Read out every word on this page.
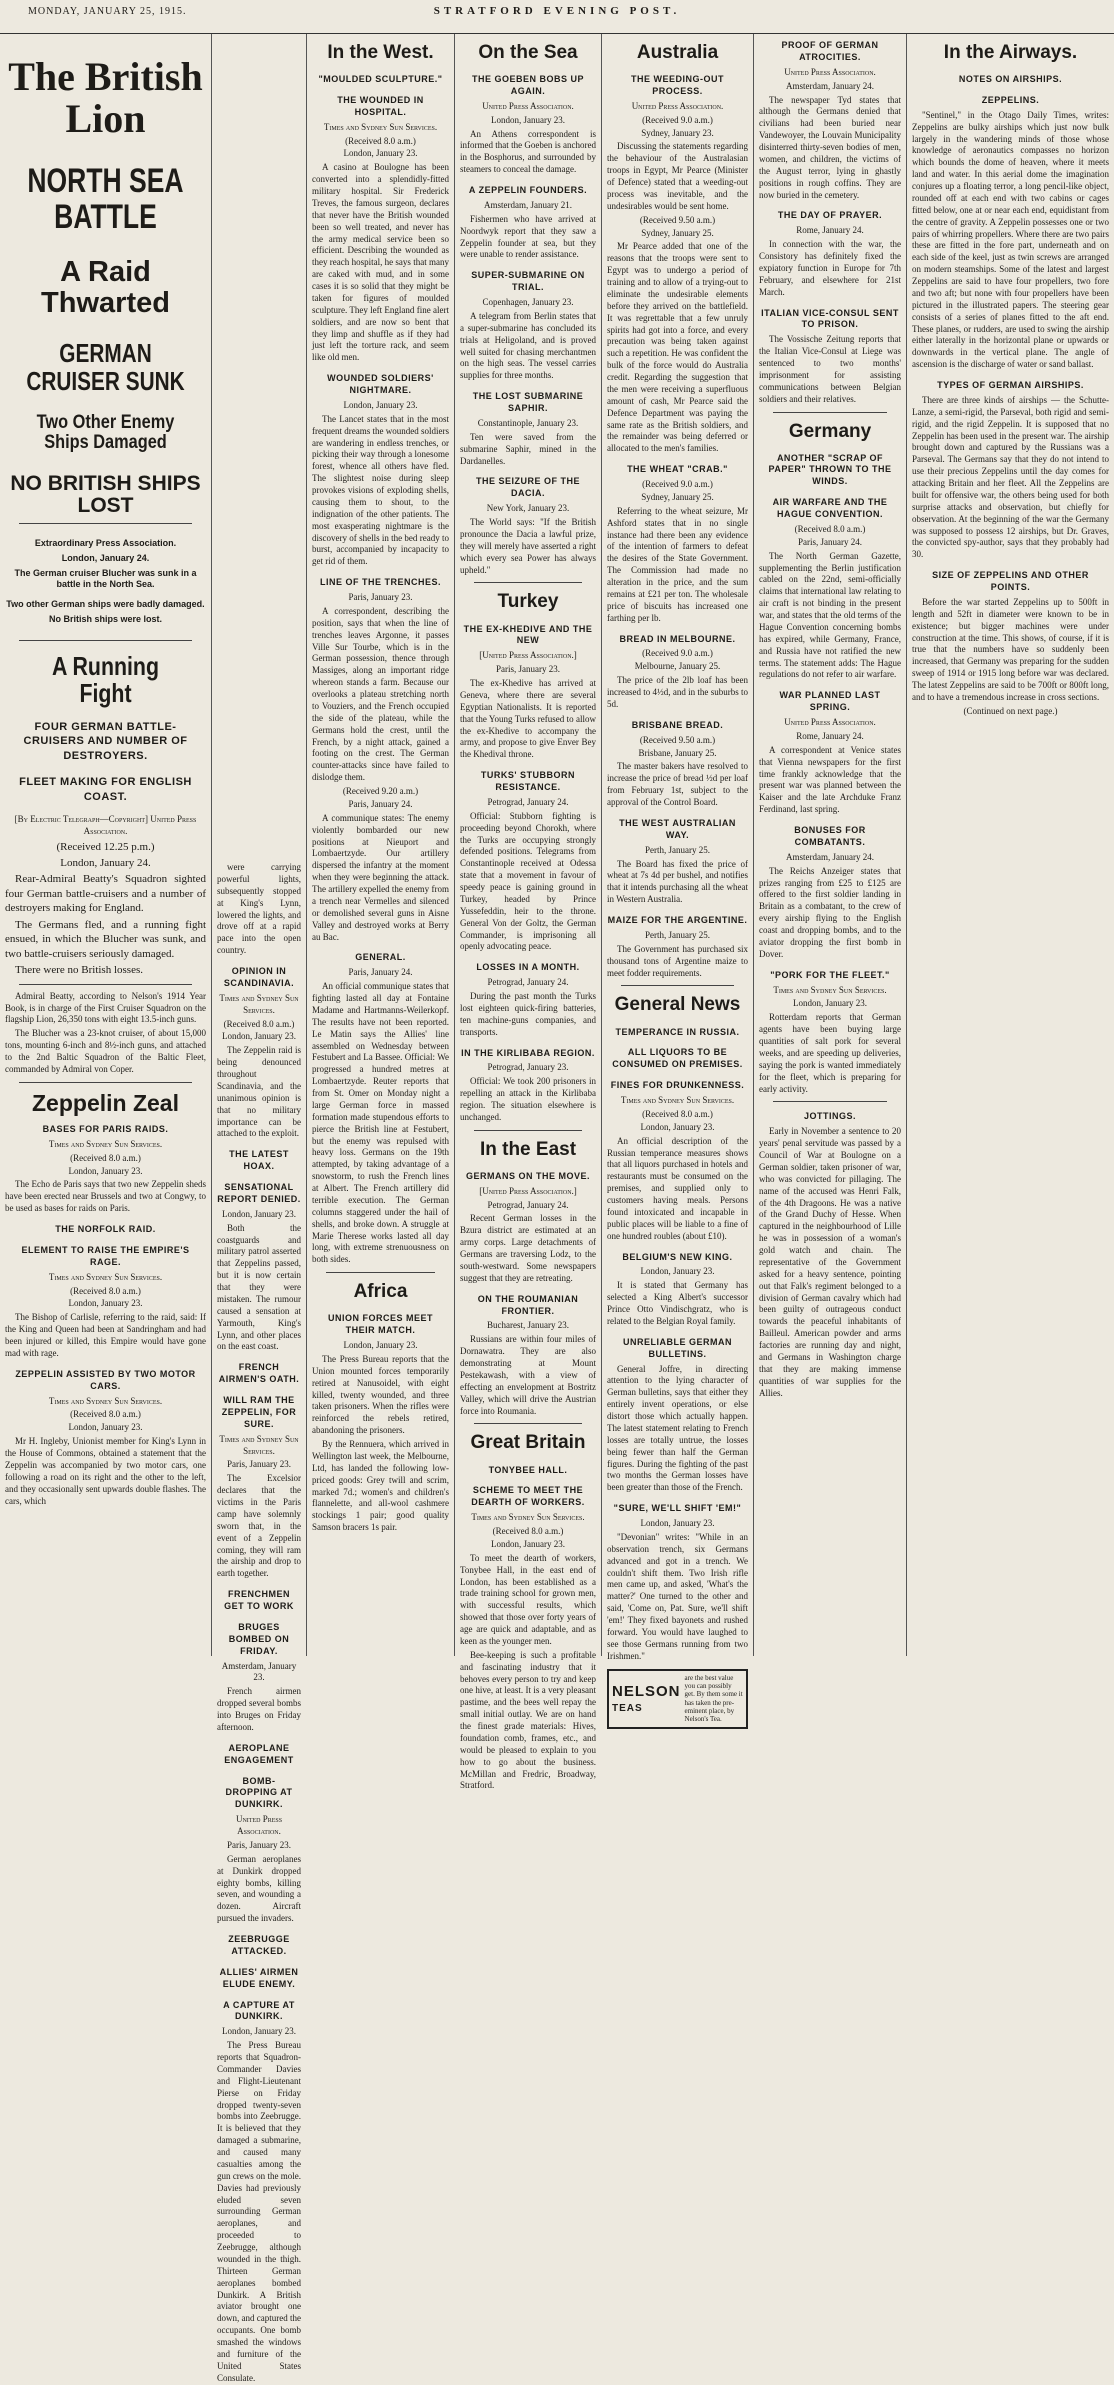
MONDAY, JANUARY 25, 1915.	STRATFORD EVENING POST.
The British Lion
NORTH SEA BATTLE
A Raid Thwarted
GERMAN CRUISER SUNK
Two Other Enemy Ships Damaged
NO BRITISH SHIPS LOST
Extraordinary Press Association.
London, January 24.
The German cruiser Blucher was sunk in a battle in the North Sea.
Two other German ships were badly damaged.
No British ships were lost.
A Running Fight
FOUR GERMAN BATTLE-CRUISERS AND NUMBER OF DESTROYERS.
FLEET MAKING FOR ENGLISH COAST.
[By Electric Telegraph—Copyright] United Press Association.
(Received 12.25 p.m.)
London, January 24.
Rear-Admiral Beatty's Squadron sighted four German battle-cruisers and a number of destroyers making for England.
The Germans fled, and a running fight ensued, in which the Blucher was sunk, and two battle-cruisers seriously damaged.
There were no British losses.
Admiral Beatty, according to Nelson's 1914 Year Book, is in charge of the First Cruiser Squadron on the flagship Lion, 26,350 tons with eight 13.5-inch guns.
The Blucher was a 23-knot cruiser, of about 15,000 tons, mounting 6-inch and 8½-inch guns, and attached to the 2nd Baltic Squadron of the Baltic Fleet, commanded by Admiral von Coper.
Zeppelin Zeal
BASES FOR PARIS RAIDS.
Times and Sydney Sun Services.
(Received 8.0 a.m.)
London, January 23.
The Echo de Paris says that two new Zeppelin sheds have been erected near Brussels and two at Congwy, to be used as bases for raids on Paris.
THE NORFOLK RAID.
ELEMENT TO RAISE THE EMPIRE'S RAGE.
Times and Sydney Sun Services.
(Received 8.0 a.m.)
London, January 23.
The Bishop of Carlisle, referring to the raid, said: If the King and Queen had been at Sandringham and had been injured or killed, this Empire would have gone mad with rage.
ZEPPELIN ASSISTED BY TWO MOTOR CARS.
Times and Sydney Sun Services.
(Received 8.0 a.m.)
London, January 23.
Mr H. Ingleby, Unionist member for King's Lynn in the House of Commons, obtained a statement that the Zeppelin was accompanied by two motor cars, one following a road on its right and the other to the left, and they occasionally sent upwards double flashes. The cars, which
were carrying powerful lights, subsequently stopped at King's Lynn, lowered the lights, and drove off at a rapid pace into the open country.
OPINION IN SCANDINAVIA.
Times and Sydney Sun Services.
(Received 8.0 a.m.)
London, January 23.
The Zeppelin raid is being denounced throughout Scandinavia, and the unanimous opinion is that no military importance can be attached to the exploit.
THE LATEST HOAX.
SENSATIONAL REPORT DENIED.
London, January 23.
Both the coastguards and military patrol asserted that Zeppelins passed, but it is now certain that they were mistaken. The rumour caused a sensation at Yarmouth, King's Lynn, and other places on the east coast.
FRENCH AIRMEN'S OATH.
WILL RAM THE ZEPPELIN, FOR SURE.
Times and Sydney Sun Services.
Paris, January 23.
The Excelsior declares that the victims in the Paris camp have solemnly sworn that, in the event of a Zeppelin coming, they will ram the airship and drop to earth together.
FRENCHMEN GET TO WORK
BRUGES BOMBED ON FRIDAY.
Amsterdam, January 23.
French airmen dropped several bombs into Bruges on Friday afternoon.
AEROPLANE ENGAGEMENT
BOMB-DROPPING AT DUNKIRK.
United Press Association.
Paris, January 23.
German aeroplanes at Dunkirk dropped eighty bombs, killing seven, and wounding a dozen. Aircraft pursued the invaders.
ZEEBRUGGE ATTACKED.
ALLIES' AIRMEN ELUDE ENEMY.
A CAPTURE AT DUNKIRK.
London, January 23.
The Press Bureau reports that Squadron-Commander Davies and Flight-Lieutenant Pierse on Friday dropped twenty-seven bombs into Zeebrugge. It is believed that they damaged a submarine, and caused many casualties among the gun crews on the mole. Davies had previously eluded seven surrounding German aeroplanes, and proceeded to Zeebrugge, although wounded in the thigh. Thirteen German aeroplanes bombed Dunkirk. A British aviator brought one down, and captured the occupants. One bomb smashed the windows and furniture of the United States Consulate.
In the West.
"MOULDED SCULPTURE."
THE WOUNDED IN HOSPITAL.
Times and Sydney Sun Services.
(Received 8.0 a.m.)
London, January 23.
A casino at Boulogne has been converted into a splendidly-fitted military hospital. Sir Frederick Treves, the famous surgeon, declares that never have the British wounded been so well treated, and never has the army medical service been so efficient. Describing the wounded as they reach hospital, he says that many are caked with mud, and in some cases it is so solid that they might be taken for figures of moulded sculpture. They left England fine alert soldiers, and are now so bent that they limp and shuffle as if they had just left the torture rack, and seem like old men.
WOUNDED SOLDIERS' NIGHTMARE.
London, January 23.
The Lancet states that in the most frequent dreams the wounded soldiers are wandering in endless trenches, or picking their way through a lonesome forest, whence all others have fled. The slightest noise during sleep provokes visions of exploding shells, causing them to shout, to the indignation of the other patients. The most exasperating nightmare is the discovery of shells in the bed ready to burst, accompanied by incapacity to get rid of them.
LINE OF THE TRENCHES.
Paris, January 23.
A correspondent, describing the position, says that when the line of trenches leaves Argonne, it passes Ville Sur Tourbe, which is in the German possession, thence through Massiges, along an important ridge whereon stands a farm. Because our overlooks a plateau stretching north to Vouziers, and the French occupied the side of the plateau, while the Germans hold the crest, until the French, by a night attack, gained a footing on the crest. The German counter-attacks since have failed to dislodge them.
(Received 9.20 a.m.)
Paris, January 24.
A communique states: The enemy violently bombarded our new positions at Nieuport and Lombaertzyde. Our artillery dispersed the infantry at the moment when they were beginning the attack. The artillery expelled the enemy from a trench near Vermelles and silenced or demolished several guns in Aisne Valley and destroyed works at Berry au Bac.
GENERAL.
Paris, January 24.
An official communique states that fighting lasted all day at Fontaine Madame and Hartmanns-Weilerkopf. The results have not been reported. Le Matin says the Allies' line assembled on Wednesday between Festubert and La Bassee. Official: We progressed a hundred metres at Lombaertzyde. Reuter reports that from St. Omer on Monday night a large German force in massed formation made stupendous efforts to pierce the British line at Festubert, but the enemy was repulsed with heavy loss. Germans on the 19th attempted, by taking advantage of a snowstorm, to rush the French lines at Albert. The French artillery did terrible execution. The German columns staggered under the hail of shells, and broke down. A struggle at Marie Therese works lasted all day long, with extreme strenuousness on both sides.
Africa
UNION FORCES MEET THEIR MATCH.
London, January 23.
The Press Bureau reports that the Union mounted forces temporarily retired at Nanusoidel, with eight killed, twenty wounded, and three taken prisoners. When the rifles were reinforced the rebels retired, abandoning the prisoners.
By the Rennuera, which arrived in Wellington last week, the Melbourne, Ltd, has landed the following low-priced goods: Grey twill and scrim, marked 7d.; women's and children's flannelette, and all-wool cashmere stockings 1 pair; good quality Samson bracers 1s pair.
On the Sea
THE GOEBEN BOBS UP AGAIN.
United Press Association.
London, January 23.
An Athens correspondent is informed that the Goeben is anchored in the Bosphorus, and surrounded by steamers to conceal the damage.
A ZEPPELIN FOUNDERS.
Amsterdam, January 21.
Fishermen who have arrived at Noordwyk report that they saw a Zeppelin founder at sea, but they were unable to render assistance.
SUPER-SUBMARINE ON TRIAL.
Copenhagen, January 23.
A telegram from Berlin states that a super-submarine has concluded its trials at Heligoland, and is proved well suited for chasing merchantmen on the high seas. The vessel carries supplies for three months.
THE LOST SUBMARINE SAPHIR.
Constantinople, January 23.
Ten were saved from the submarine Saphir, mined in the Dardanelles.
THE SEIZURE OF THE DACIA.
New York, January 23.
The World says: "If the British pronounce the Dacia a lawful prize, they will merely have asserted a right which every sea Power has always upheld."
Turkey
THE EX-KHEDIVE AND THE NEW
[United Press Association.]
Paris, January 23.
The ex-Khedive has arrived at Geneva, where there are several Egyptian Nationalists. It is reported that the Young Turks refused to allow the ex-Khedive to accompany the army, and propose to give Enver Bey the Khedival throne.
TURKS' STUBBORN RESISTANCE.
Petrograd, January 24.
Official: Stubborn fighting is proceeding beyond Chorokh, where the Turks are occupying strongly defended positions. Telegrams from Constantinople received at Odessa state that a movement in favour of speedy peace is gaining ground in Turkey, headed by Prince Yussefeddin, heir to the throne. General Von der Goltz, the German Commander, is imprisoning all openly advocating peace.
LOSSES IN A MONTH.
Petrograd, January 24.
During the past month the Turks lost eighteen quick-firing batteries, ten machine-guns companies, and transports.
IN THE KIRLIBABA REGION.
Petrograd, January 23.
Official: We took 200 prisoners in repelling an attack in the Kirlibaba region. The situation elsewhere is unchanged.
In the East
GERMANS ON THE MOVE.
[United Press Association.]
Petrograd, January 24.
Recent German losses in the Bzura district are estimated at an army corps. Large detachments of Germans are traversing Lodz, to the south-westward. Some newspapers suggest that they are retreating.
ON THE ROUMANIAN FRONTIER.
Bucharest, January 23.
Russians are within four miles of Dornawatra. They are also demonstrating at Mount Pestekawash, with a view of effecting an envelopment at Bostritz Valley, which will drive the Austrian force into Roumania.
Great Britain
TONYBEE HALL.
SCHEME TO MEET THE DEARTH OF WORKERS.
Times and Sydney Sun Services.
(Received 8.0 a.m.)
London, January 23.
To meet the dearth of workers, Tonybee Hall, in the east end of London, has been established as a trade training school for grown men, with successful results, which showed that those over forty years of age are quick and adaptable, and as keen as the younger men.
Bee-keeping is such a profitable and fascinating industry that it behoves every person to try and keep one hive, at least. It is a very pleasant pastime, and the bees well repay the small initial outlay. We are on hand the finest grade materials: Hives, foundation comb, frames, etc., and would be pleased to explain to you how to go about the business. McMillan and Fredric, Broadway, Stratford.
Australia
THE WEEDING-OUT PROCESS.
United Press Association.
(Received 9.0 a.m.)
Sydney, January 23.
Discussing the statements regarding the behaviour of the Australasian troops in Egypt, Mr Pearce (Minister of Defence) stated that a weeding-out process was inevitable, and the undesirables would be sent home.
(Received 9.50 a.m.)
Sydney, January 25.
Mr Pearce added that one of the reasons that the troops were sent to Egypt was to undergo a period of training and to allow of a trying-out to eliminate the undesirable elements before they arrived on the battlefield. It was regrettable that a few unruly spirits had got into a force, and every precaution was being taken against such a repetition. He was confident the bulk of the force would do Australia credit. Regarding the suggestion that the men were receiving a superfluous amount of cash, Mr Pearce said the Defence Department was paying the same rate as the British soldiers, and the remainder was being deferred or allocated to the men's families.
THE WHEAT "CRAB."
(Received 9.0 a.m.)
Sydney, January 25.
Referring to the wheat seizure, Mr Ashford states that in no single instance had there been any evidence of the intention of farmers to defeat the desires of the State Government. The Commission had made no alteration in the price, and the sum remains at £21 per ton. The wholesale price of biscuits has increased one farthing per lb.
BREAD IN MELBOURNE.
(Received 9.0 a.m.)
Melbourne, January 25.
The price of the 2lb loaf has been increased to 4½d, and in the suburbs to 5d.
BRISBANE BREAD.
(Received 9.50 a.m.)
Brisbane, January 25.
The master bakers have resolved to increase the price of bread ½d per loaf from February 1st, subject to the approval of the Control Board.
THE WEST AUSTRALIAN WAY.
Perth, January 25.
The Board has fixed the price of wheat at 7s 4d per bushel, and notifies that it intends purchasing all the wheat in Western Australia.
MAIZE FOR THE ARGENTINE.
Perth, January 25.
The Government has purchased six thousand tons of Argentine maize to meet fodder requirements.
General News
TEMPERANCE IN RUSSIA.
ALL LIQUORS TO BE CONSUMED ON PREMISES.
FINES FOR DRUNKENNESS.
Times and Sydney Sun Services.
(Received 8.0 a.m.)
London, January 23.
An official description of the Russian temperance measures shows that all liquors purchased in hotels and restaurants must be consumed on the premises, and supplied only to customers having meals. Persons found intoxicated and incapable in public places will be liable to a fine of one hundred roubles (about £10).
BELGIUM'S NEW KING.
London, January 23.
It is stated that Germany has selected a King Albert's successor Prince Otto Vindischgratz, who is related to the Belgian Royal family.
UNRELIABLE GERMAN BULLETINS.
General Joffre, in directing attention to the lying character of German bulletins, says that either they entirely invent operations, or else distort those which actually happen. The latest statement relating to French losses are totally untrue, the losses being fewer than half the German figures. During the fighting of the past two months the German losses have been greater than those of the French.
"SURE, WE'LL SHIFT 'EM!"
London, January 23.
"Devonian" writes: "While in an observation trench, six Germans advanced and got in a trench. We couldn't shift them. Two Irish rifle men came up, and asked, 'What's the matter?' One turned to the other and said, 'Come on, Pat. Sure, we'll shift 'em!' They fixed bayonets and rushed forward. You would have laughed to see those Germans running from two Irishmen."
NELSON
TEAS
are the best value you can possibly get. By them some it has taken the pre-eminent place, by Nelson's Tea.
PROOF OF GERMAN ATROCITIES.
United Press Association.
Amsterdam, January 24.
The newspaper Tyd states that although the Germans denied that civilians had been buried near Vandewoyer, the Louvain Municipality disinterred thirty-seven bodies of men, women, and children, the victims of the August terror, lying in ghastly positions in rough coffins. They are now buried in the cemetery.
THE DAY OF PRAYER.
Rome, January 24.
In connection with the war, the Consistory has definitely fixed the expiatory function in Europe for 7th February, and elsewhere for 21st March.
ITALIAN VICE-CONSUL SENT TO PRISON.
The Vossische Zeitung reports that the Italian Vice-Consul at Liege was sentenced to two months' imprisonment for assisting communications between Belgian soldiers and their relatives.
Germany
ANOTHER "SCRAP OF PAPER" THROWN TO THE WINDS.
AIR WARFARE AND THE HAGUE CONVENTION.
(Received 8.0 a.m.)
Paris, January 24.
The North German Gazette, supplementing the Berlin justification cabled on the 22nd, semi-officially claims that international law relating to air craft is not binding in the present war, and states that the old terms of the Hague Convention concerning bombs has expired, while Germany, France, and Russia have not ratified the new terms. The statement adds: The Hague regulations do not refer to air warfare.
WAR PLANNED LAST SPRING.
United Press Association.
Rome, January 24.
A correspondent at Venice states that Vienna newspapers for the first time frankly acknowledge that the present war was planned between the Kaiser and the late Archduke Franz Ferdinand, last spring.
BONUSES FOR COMBATANTS.
Amsterdam, January 24.
The Reichs Anzeiger states that prizes ranging from £25 to £125 are offered to the first soldier landing in Britain as a combatant, to the crew of every airship flying to the English coast and dropping bombs, and to the aviator dropping the first bomb in Dover.
"PORK FOR THE FLEET."
Times and Sydney Sun Services.
London, January 23.
Rotterdam reports that German agents have been buying large quantities of salt pork for several weeks, and are speeding up deliveries, saying the pork is wanted immediately for the fleet, which is preparing for early activity.
JOTTINGS.
Early in November a sentence to 20 years' penal servitude was passed by a Council of War at Boulogne on a German soldier, taken prisoner of war, who was convicted for pillaging. The name of the accused was Henri Falk, of the 4th Dragoons. He was a native of the Grand Duchy of Hesse. When captured in the neighbourhood of Lille he was in possession of a woman's gold watch and chain. The representative of the Government asked for a heavy sentence, pointing out that Falk's regiment belonged to a division of German cavalry which had been guilty of outrageous conduct towards the peaceful inhabitants of Bailleul. American powder and arms factories are running day and night, and Germans in Washington charge that they are making immense quantities of war supplies for the Allies.
In the Airways.
NOTES ON AIRSHIPS.
ZEPPELINS.
"Sentinel," in the Otago Daily Times, writes: Zeppelins are bulky airships which just now bulk largely in the wandering minds of those whose knowledge of aeronautics compasses no horizon which bounds the dome of heaven, where it meets land and water. In this aerial dome the imagination conjures up a floating terror, a long pencil-like object, rounded off at each end with two cabins or cages fitted below, one at or near each end, equidistant from the centre of gravity. A Zeppelin possesses one or two pairs of whirring propellers. Where there are two pairs these are fitted in the fore part, underneath and on each side of the keel, just as twin screws are arranged on modern steamships. Some of the latest and largest Zeppelins are said to have four propellers, two fore and two aft; but none with four propellers have been pictured in the illustrated papers. The steering gear consists of a series of planes fitted to the aft end. These planes, or rudders, are used to swing the airship either laterally in the horizontal plane or upwards or downwards in the vertical plane. The angle of ascension is the discharge of water or sand ballast.
TYPES OF GERMAN AIRSHIPS.
There are three kinds of airships — the Schutte-Lanze, a semi-rigid, the Parseval, both rigid and semi-rigid, and the rigid Zeppelin. It is supposed that no Zeppelin has been used in the present war. The airship brought down and captured by the Russians was a Parseval. The Germans say that they do not intend to use their precious Zeppelins until the day comes for attacking Britain and her fleet. All the Zeppelins are built for offensive war, the others being used for both surprise attacks and observation, but chiefly for observation. At the beginning of the war the Germany was supposed to possess 12 airships, but Dr. Graves, the convicted spy-author, says that they probably had 30.
SIZE OF ZEPPELINS AND OTHER POINTS.
Before the war started Zeppelins up to 500ft in length and 52ft in diameter were known to be in existence; but bigger machines were under construction at the time. This shows, of course, if it is true that the numbers have so suddenly been increased, that Germany was preparing for the sudden sweep of 1914 or 1915 long before war was declared. The latest Zeppelins are said to be 700ft or 800ft long, and to have a tremendous increase in cross sections.
(Continued on next page.)
